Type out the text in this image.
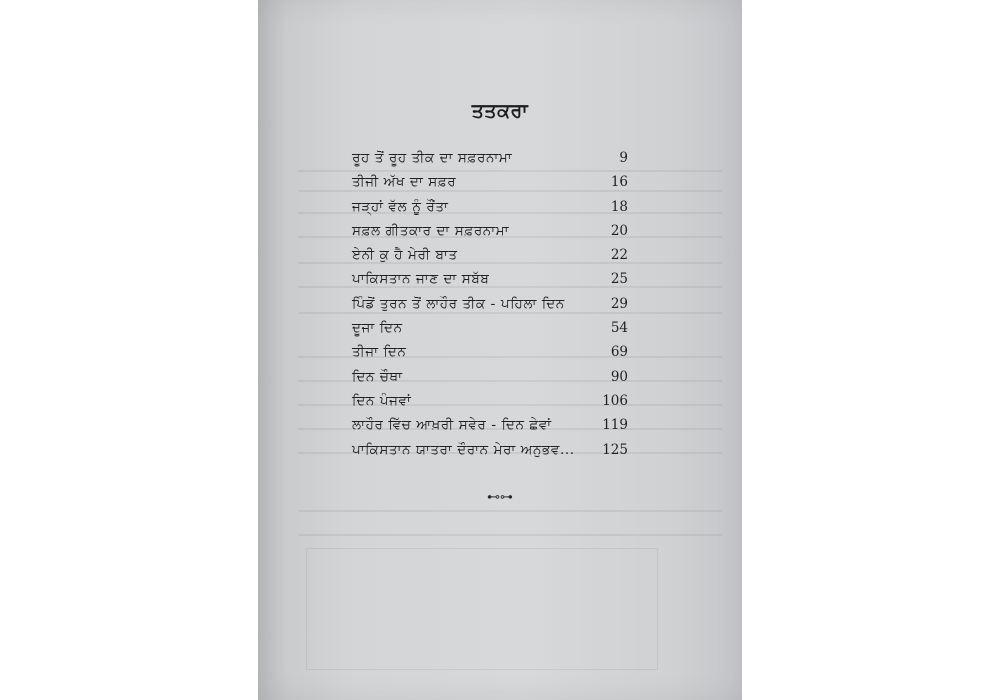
ਤਤਕਰਾ
ਰੂਹ ਤੋਂ ਰੂਹ ਤੀਕ ਦਾ ਸਫ਼ਰਨਾਮਾ	9
ਤੀਜੀ ਅੱਖ ਦਾ ਸਫ਼ਰ	16
ਜੜ੍ਹਾਂ ਵੱਲ ਨੂੰ ਰੌਂਤਾ	18
ਸਫ਼ਲ ਗੀਤਕਾਰ ਦਾ ਸਫ਼ਰਨਾਮਾ	20
ਏਨੀ ਕੁ ਹੈ ਮੇਰੀ ਬਾਤ	22
ਪਾਕਿਸਤਾਨ ਜਾਣ ਦਾ ਸਬੱਬ	25
ਪਿੰਡੋਂ ਤੁਰਨ ਤੋਂ ਲਾਹੌਰ ਤੀਕ - ਪਹਿਲਾ ਦਿਨ	29
ਦੂਜਾ ਦਿਨ	54
ਤੀਜਾ ਦਿਨ	69
ਦਿਨ ਚੌਥਾ	90
ਦਿਨ ਪੰਜਵਾਂ	106
ਲਾਹੌਰ ਵਿੱਚ ਆਖ਼ਰੀ ਸਵੇਰ - ਦਿਨ ਛੇਵਾਂ	119
ਪਾਕਿਸਤਾਨ ਯਾਤਰਾ ਦੌਰਾਨ ਮੇਰਾ ਅਨੁਭਵ... 125
⊷⊶
